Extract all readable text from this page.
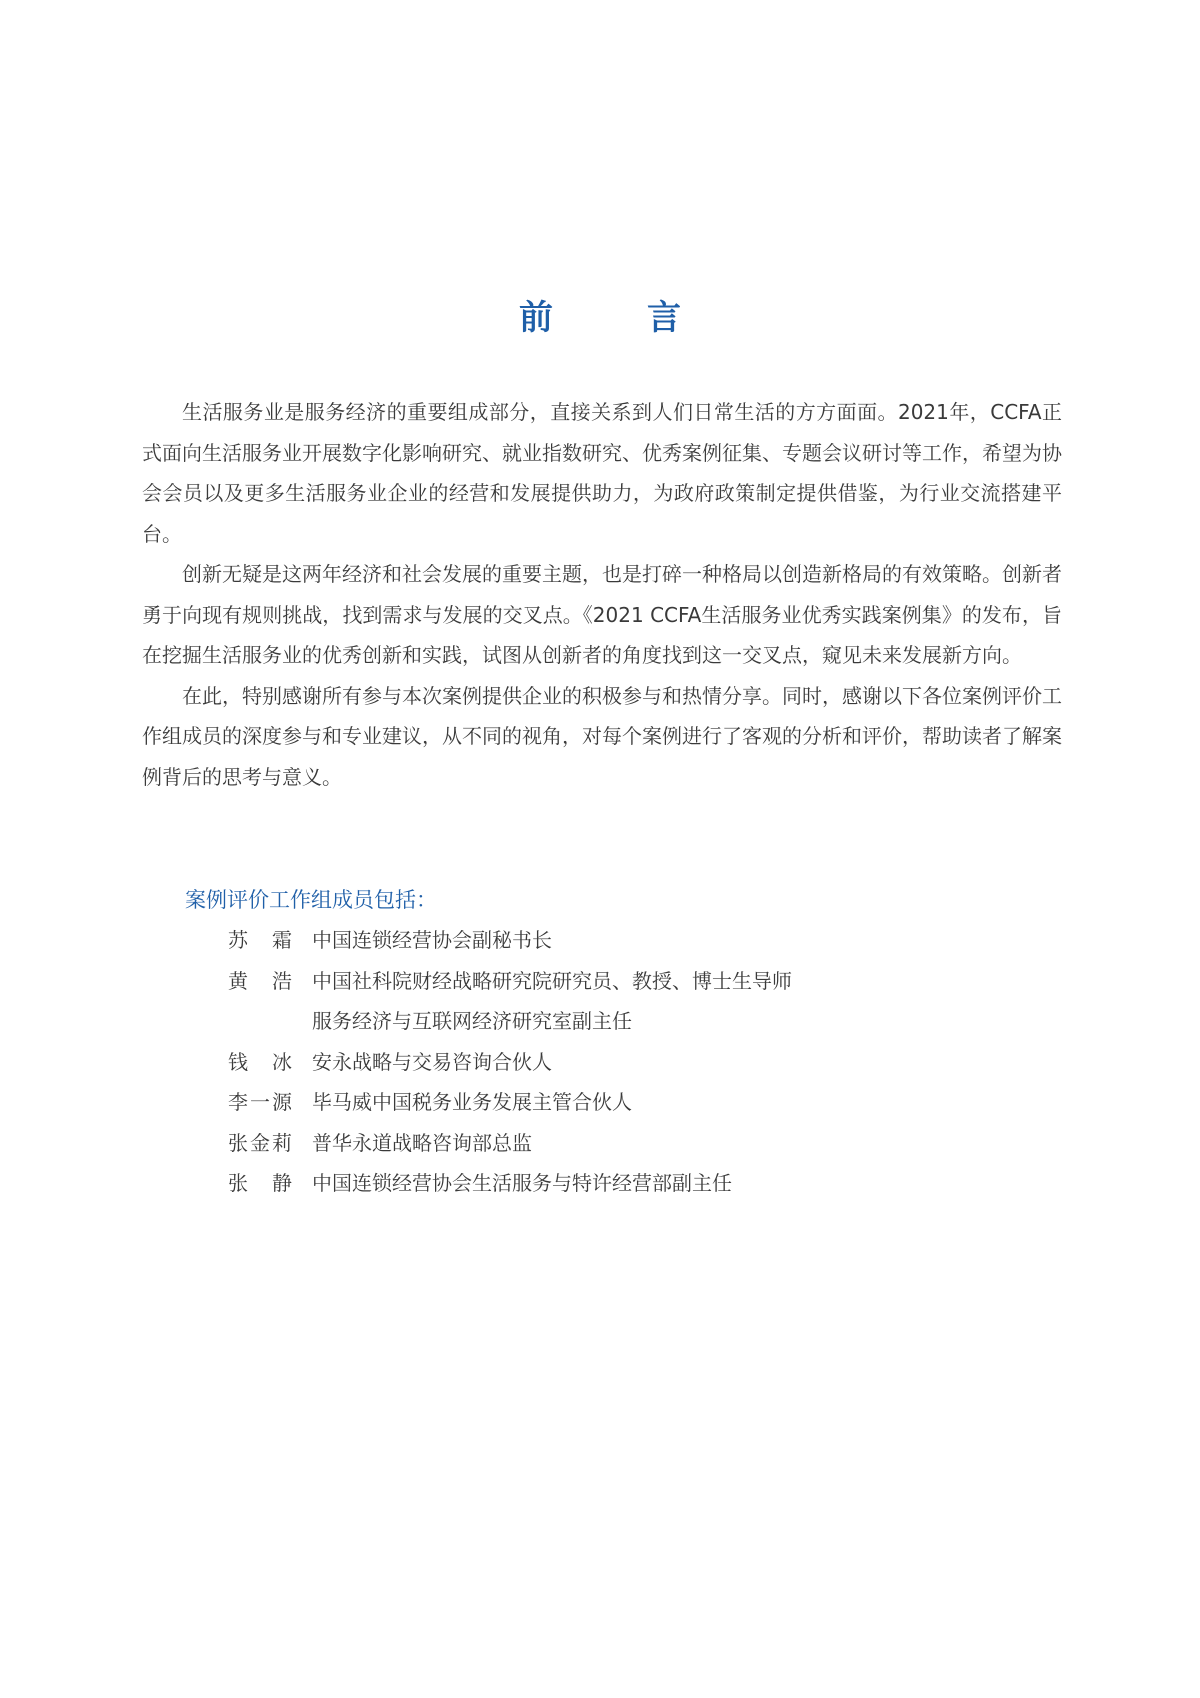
前　言

生活服务业是服务经济的重要组成部分，直接关系到人们日常生活的方方面面。2021年，CCFA正式面向生活服务业开展数字化影响研究、就业指数研究、优秀案例征集、专题会议研讨等工作，希望为协会会员以及更多生活服务业企业的经营和发展提供助力，为政府政策制定提供借鉴，为行业交流搭建平台。

创新无疑是这两年经济和社会发展的重要主题，也是打碎一种格局以创造新格局的有效策略。创新者勇于向现有规则挑战，找到需求与发展的交叉点。《2021 CCFA生活服务业优秀实践案例集》的发布，旨在挖掘生活服务业的优秀创新和实践，试图从创新者的角度找到这一交叉点，窥见未来发展新方向。

在此，特别感谢所有参与本次案例提供企业的积极参与和热情分享。同时，感谢以下各位案例评价工作组成员的深度参与和专业建议，从不同的视角，对每个案例进行了客观的分析和评价，帮助读者了解案例背后的思考与意义。

案例评价工作组成员包括：
苏　霜 中国连锁经营协会副秘书长
黄　浩 中国社科院财经战略研究院研究员、教授、博士生导师
服务经济与互联网经济研究室副主任
钱　冰 安永战略与交易咨询合伙人
李一源 毕马威中国税务业务发展主管合伙人
张金莉 普华永道战略咨询部总监
张　静 中国连锁经营协会生活服务与特许经营部副主任
